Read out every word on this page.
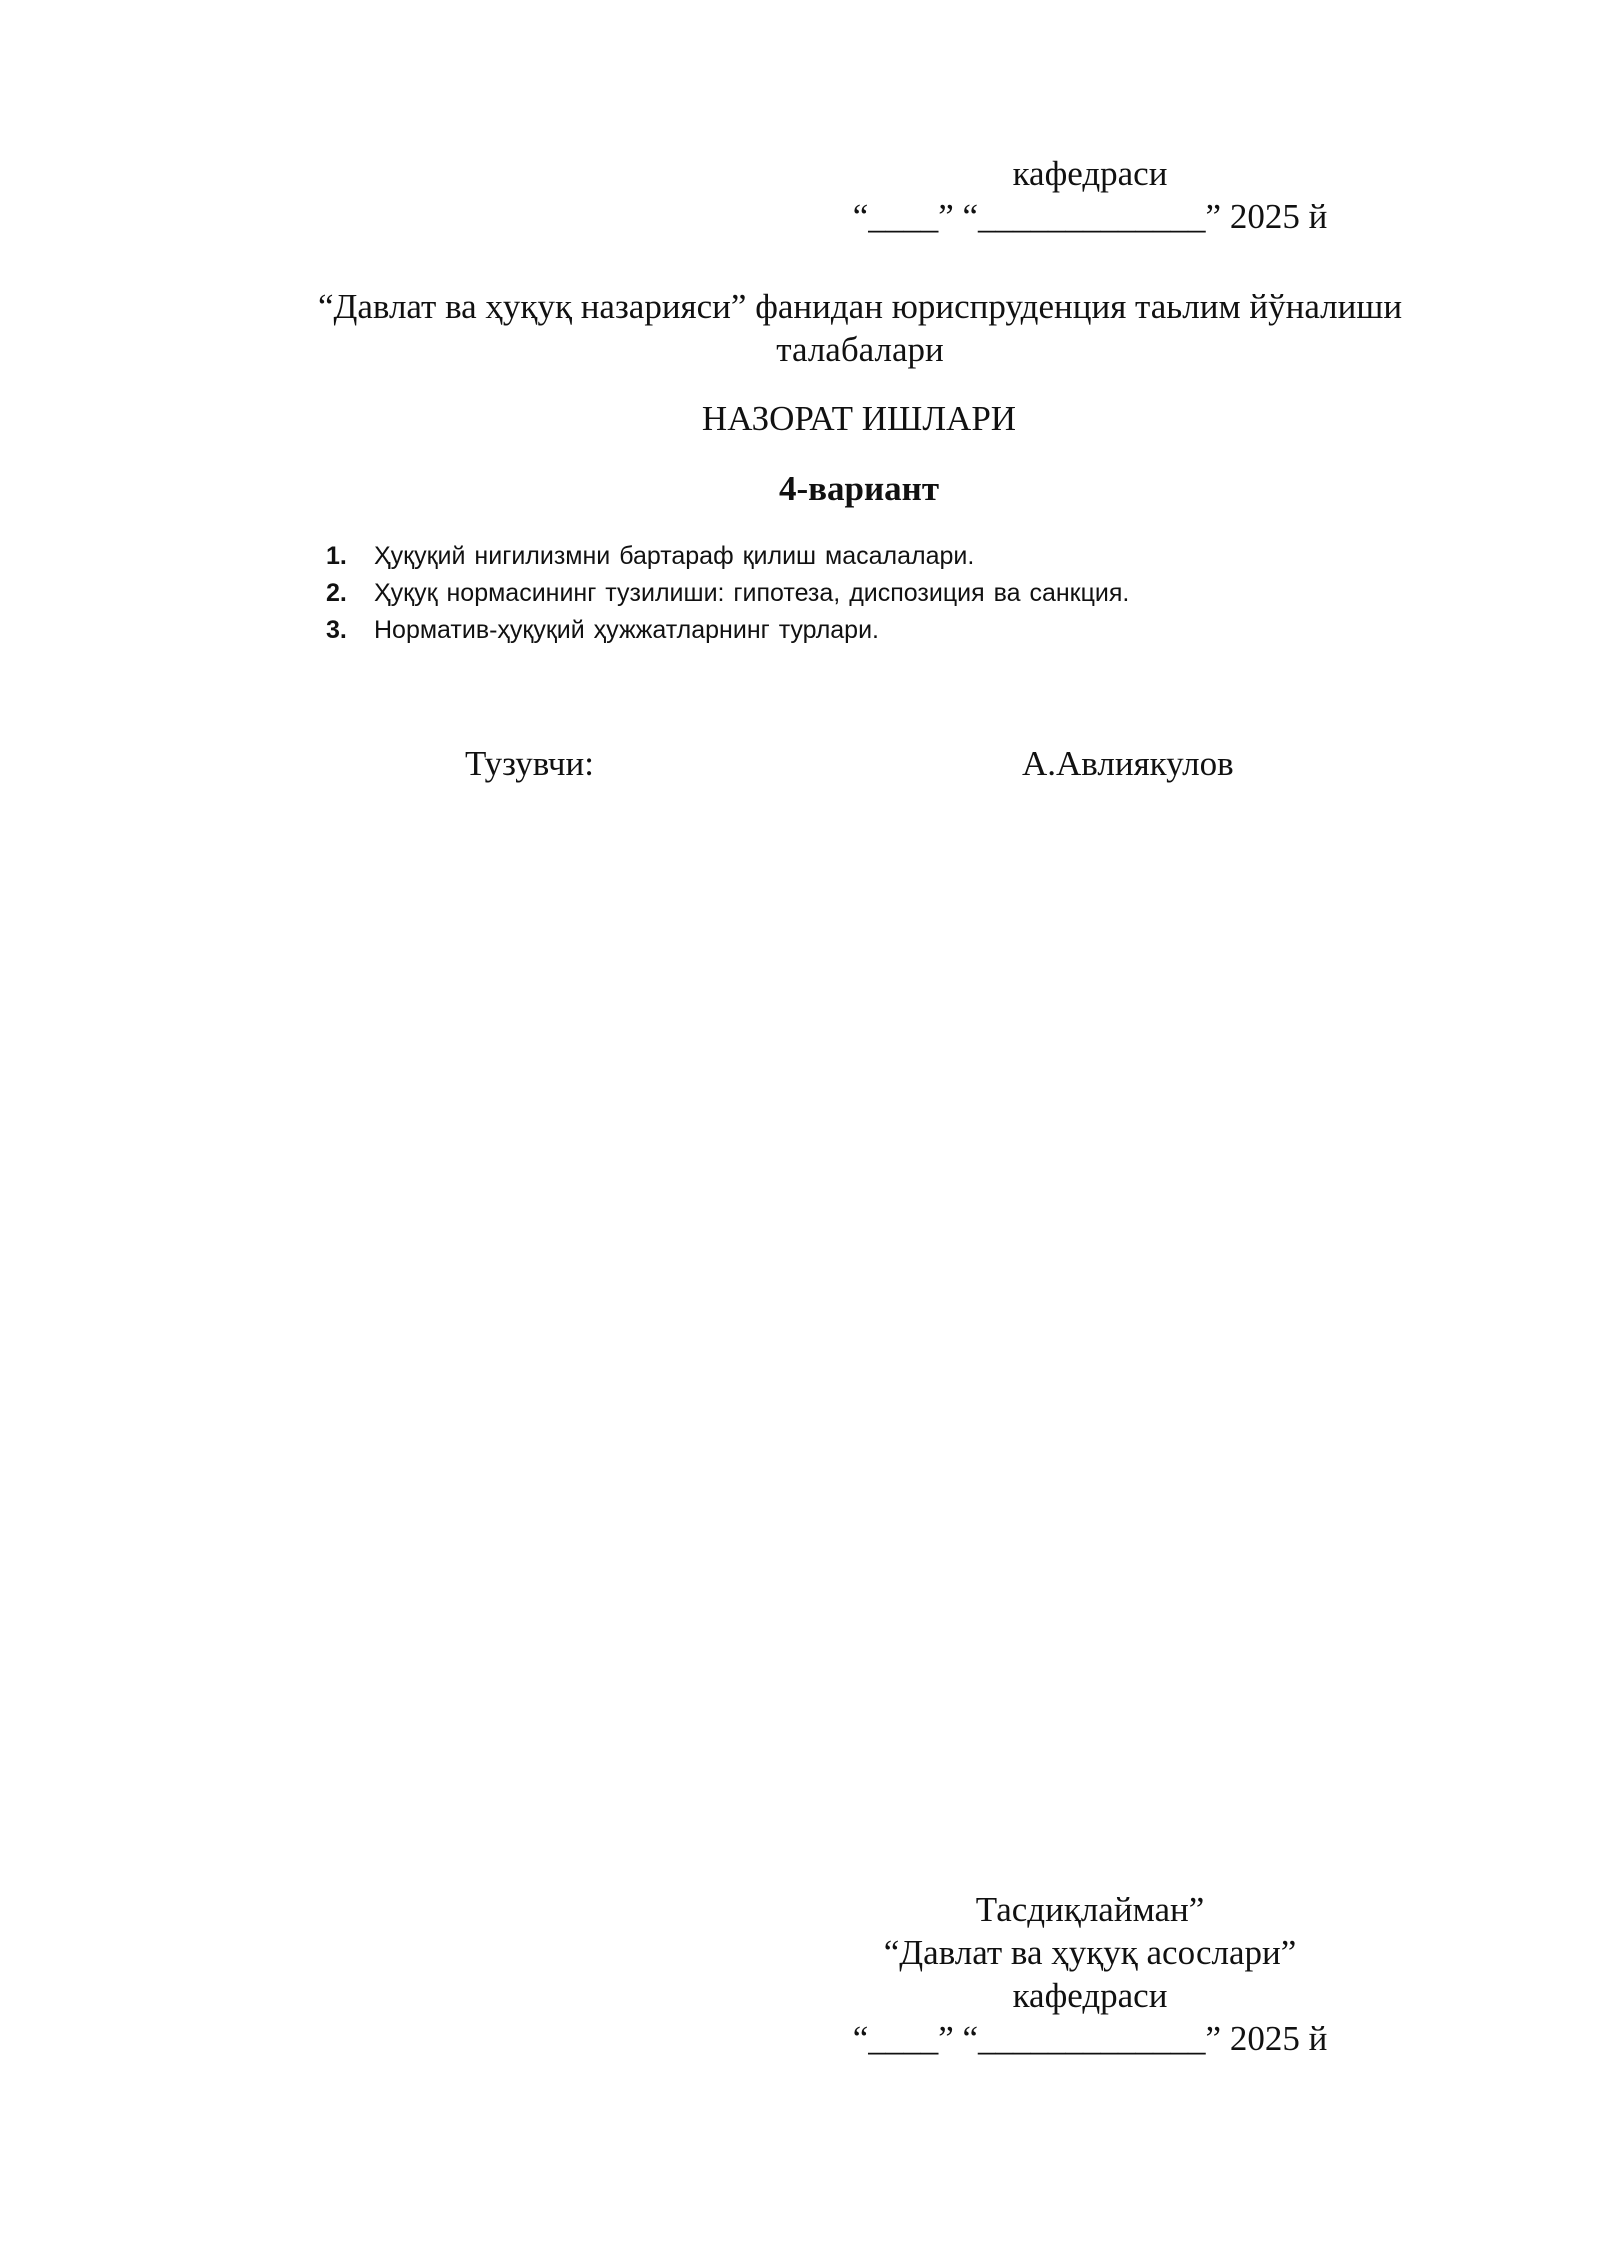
кафедраси
“____” “_____________” 2025 й
“Давлат ва ҳуқуқ назарияси” фанидан юриспруденция таьлим йўналиши талабалари
НАЗОРАТ ИШЛАРИ
4-вариант
1.	Ҳуқуқий нигилизмни бартараф қилиш масалалари.
2.	Ҳуқуқ нормасининг тузилиши: гипотеза, диспозиция ва санкция.
3.	Норматив-ҳуқуқий ҳужжатларнинг турлари.
Тузувчи:	А.Авлиякулов
Тасдиқлайман”
“Давлат ва ҳуқуқ асослари”
кафедраси
“____” “_____________” 2025 й
